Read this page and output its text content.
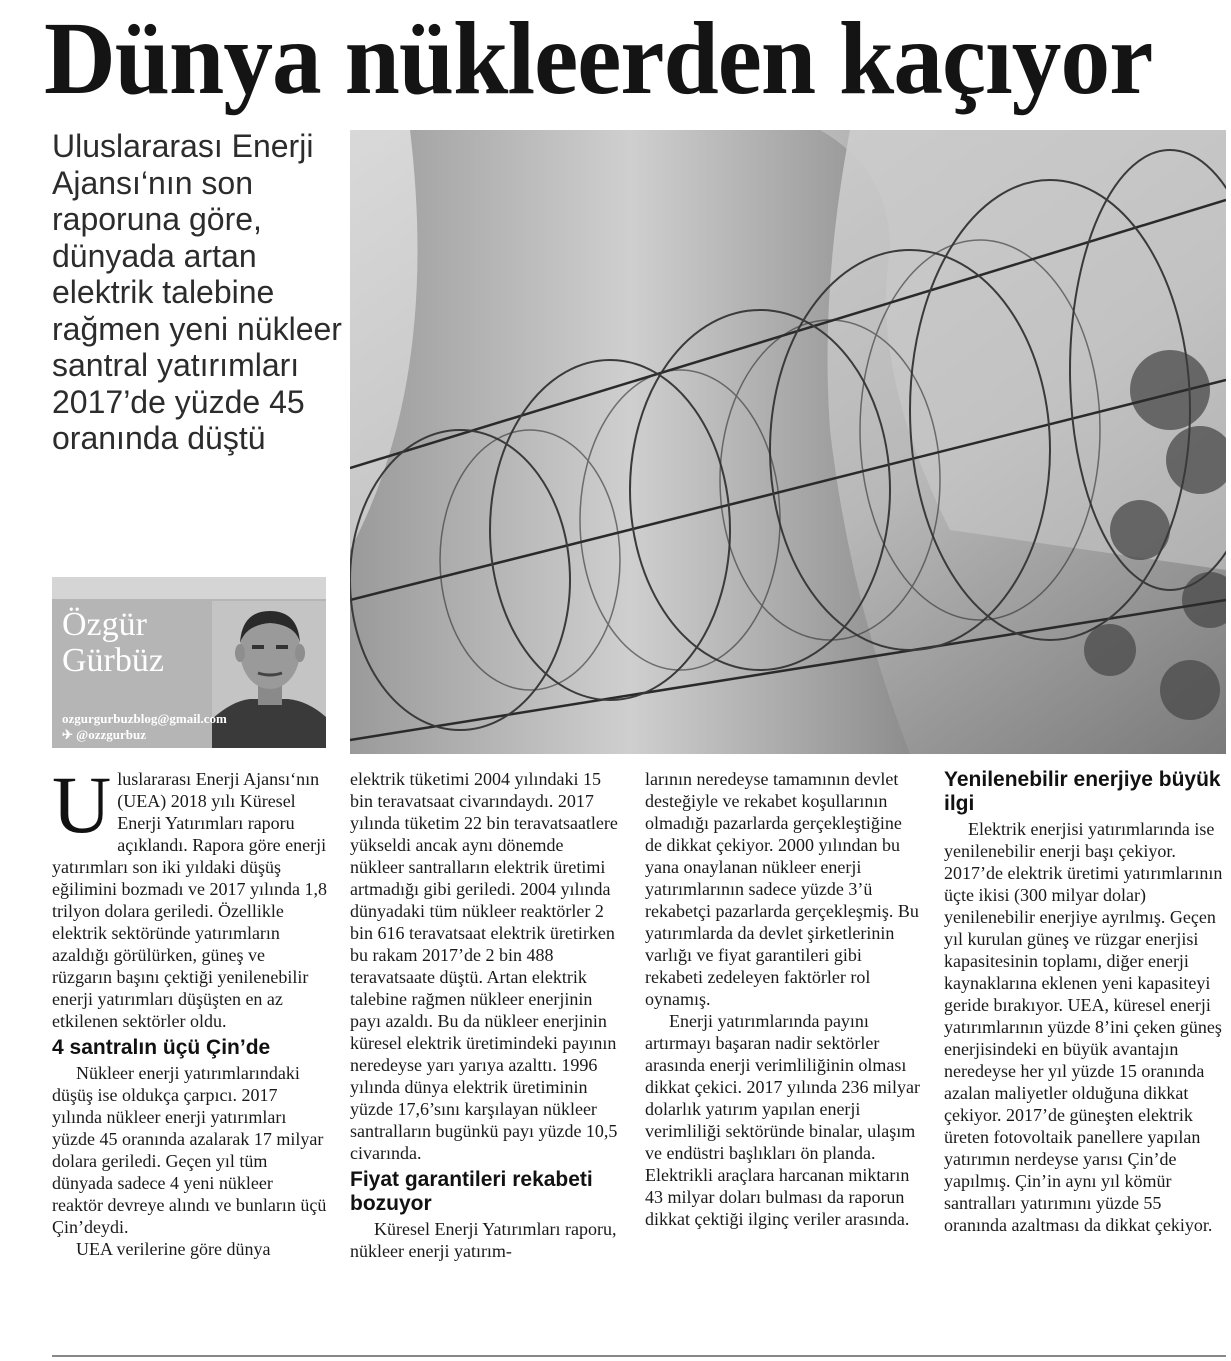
Dünya nükleerden kaçıyor

Uluslararası Enerji Ajansı‘nın son raporuna göre, dünyada artan elektrik talebine rağmen yeni nükleer santral yatırımları 2017’de yüzde 45 oranında düştü

Özgür
Gürbüz
ozgurgurbuzblog@gmail.com
✈ @ozzgurbuz
U luslararası Enerji Ajansı‘nın (UEA) 2018 yılı Küresel Enerji Yatırımları raporu açıklandı. Rapora göre enerji yatırımları son iki yıldaki düşüş eğilimini bozmadı ve 2017 yılında 1,8 trilyon dolara geriledi. Özellikle elektrik sektöründe yatırımların azaldığı görülürken, güneş ve rüzgarın başını çektiği yenilenebilir enerji yatırımları düşüşten en az etkilenen sektörler oldu.

4 santralın üçü Çin’de

Nükleer enerji yatırımlarındaki düşüş ise oldukça çarpıcı. 2017 yılında nükleer enerji yatırımları yüzde 45 oranında azalarak 17 milyar dolara geriledi. Geçen yıl tüm dünyada sadece 4 yeni nükleer reaktör devreye alındı ve bunların üçü Çin’deydi.

UEA verilerine göre dünya

elektrik tüketimi 2004 yılındaki 15 bin teravatsaat civarındaydı. 2017 yılında tüketim 22 bin teravatsaatlere yükseldi ancak aynı dönemde nükleer santralların elektrik üretimi artmadığı gibi geriledi. 2004 yılında dünyadaki tüm nükleer reaktörler 2 bin 616 teravatsaat elektrik üretirken bu rakam 2017’de 2 bin 488 teravatsaate düştü. Artan elektrik talebine rağmen nükleer enerjinin payı azaldı. Bu da nükleer enerjinin küresel elektrik üretimindeki payının neredeyse yarı yarıya azalttı. 1996 yılında dünya elektrik üretiminin yüzde 17,6’sını karşılayan nükleer santralların bugünkü payı yüzde 10,5 civarında.

Fiyat garantileri rekabeti bozuyor

Küresel Enerji Yatırımları raporu, nükleer enerji yatırım-

larının neredeyse tamamının devlet desteğiyle ve rekabet koşullarının olmadığı pazarlarda gerçekleştiğine de dikkat çekiyor. 2000 yılından bu yana onaylanan nükleer enerji yatırımlarının sadece yüzde 3’ü rekabetçi pazarlarda gerçekleşmiş. Bu yatırımlarda da devlet şirketlerinin varlığı ve fiyat garantileri gibi rekabeti zedeleyen faktörler rol oynamış.

Enerji yatırımlarında payını artırmayı başaran nadir sektörler arasında enerji verimliliğinin olması dikkat çekici. 2017 yılında 236 milyar dolarlık yatırım yapılan enerji verimliliği sektöründe binalar, ulaşım ve endüstri başlıkları ön planda. Elektrikli araçlara harcanan miktarın 43 milyar doları bulması da raporun dikkat çektiği ilginç veriler arasında.

Yenilenebilir enerjiye büyük ilgi

Elektrik enerjisi yatırımlarında ise yenilenebilir enerji başı çekiyor. 2017’de elektrik üretimi yatırımlarının üçte ikisi (300 milyar dolar) yenilenebilir enerjiye ayrılmış. Geçen yıl kurulan güneş ve rüzgar enerjisi kapasitesinin toplamı, diğer enerji kaynaklarına eklenen yeni kapasiteyi geride bırakıyor. UEA, küresel enerji yatırımlarının yüzde 8’ini çeken güneş enerjisindeki en büyük avantajın neredeyse her yıl yüzde 15 oranında azalan maliyetler olduğuna dikkat çekiyor. 2017’de güneşten elektrik üreten fotovoltaik panellere yapılan yatırımın nerdeyse yarısı Çin’de yapılmış. Çin’in aynı yıl kömür santralları yatırımını yüzde 55 oranında azaltması da dikkat çekiyor.
